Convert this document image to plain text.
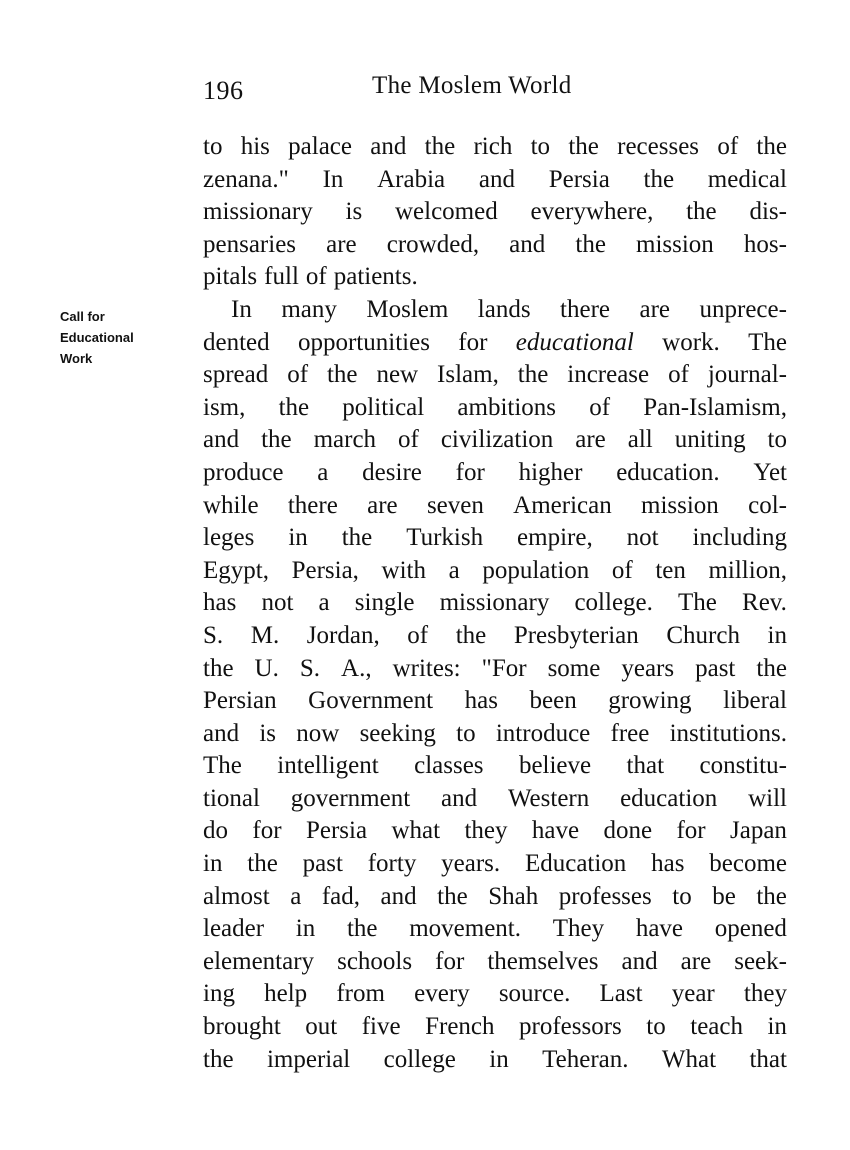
196	The Moslem World
Call for
Educational
Work
to his palace and the rich to the recesses of the
zenana." In Arabia and Persia the medical
missionary is welcomed everywhere, the dis-
pensaries are crowded, and the mission hos-
pitals full of patients.
In many Moslem lands there are unprece-
dented opportunities for educational work. The
spread of the new Islam, the increase of journal-
ism, the political ambitions of Pan-Islamism,
and the march of civilization are all uniting to
produce a desire for higher education. Yet
while there are seven American mission col-
leges in the Turkish empire, not including
Egypt, Persia, with a population of ten million,
has not a single missionary college. The Rev.
S. M. Jordan, of the Presbyterian Church in
the U. S. A., writes: "For some years past the
Persian Government has been growing liberal
and is now seeking to introduce free institutions.
The intelligent classes believe that constitu-
tional government and Western education will
do for Persia what they have done for Japan
in the past forty years. Education has become
almost a fad, and the Shah professes to be the
leader in the movement. They have opened
elementary schools for themselves and are seek-
ing help from every source. Last year they
brought out five French professors to teach in
the imperial college in Teheran. What that
